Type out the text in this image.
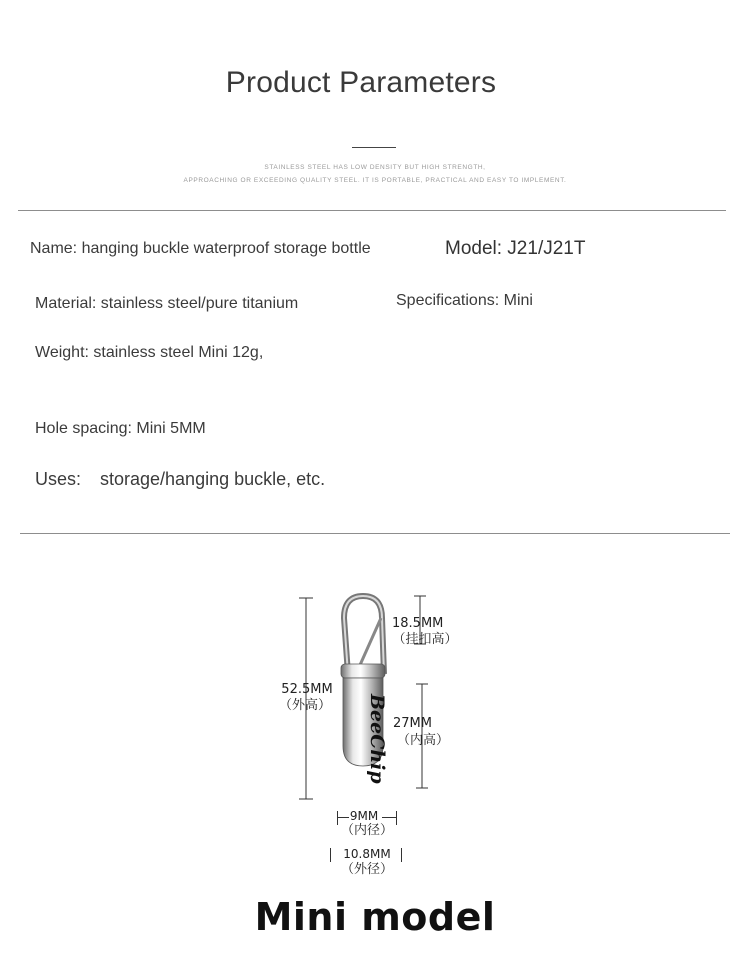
Product Parameters
STAINLESS STEEL HAS LOW DENSITY BUT HIGH STRENGTH,
APPROACHING OR EXCEEDING QUALITY STEEL. IT IS PORTABLE, PRACTICAL AND EASY TO IMPLEMENT.
Name: hanging buckle waterproof storage bottle	Model: J21/J21T
Material: stainless steel/pure titanium	Specifications: Mini
Weight: stainless steel Mini 12g,
Hole spacing: Mini 5MM
Uses: storage/hanging buckle, etc.
BeeChip
52.5MM
（外高）
18.5MM
（挂扣高）
27MM
（内高）
9MM
（内径）
10.8MM
（外径）
Mini model
